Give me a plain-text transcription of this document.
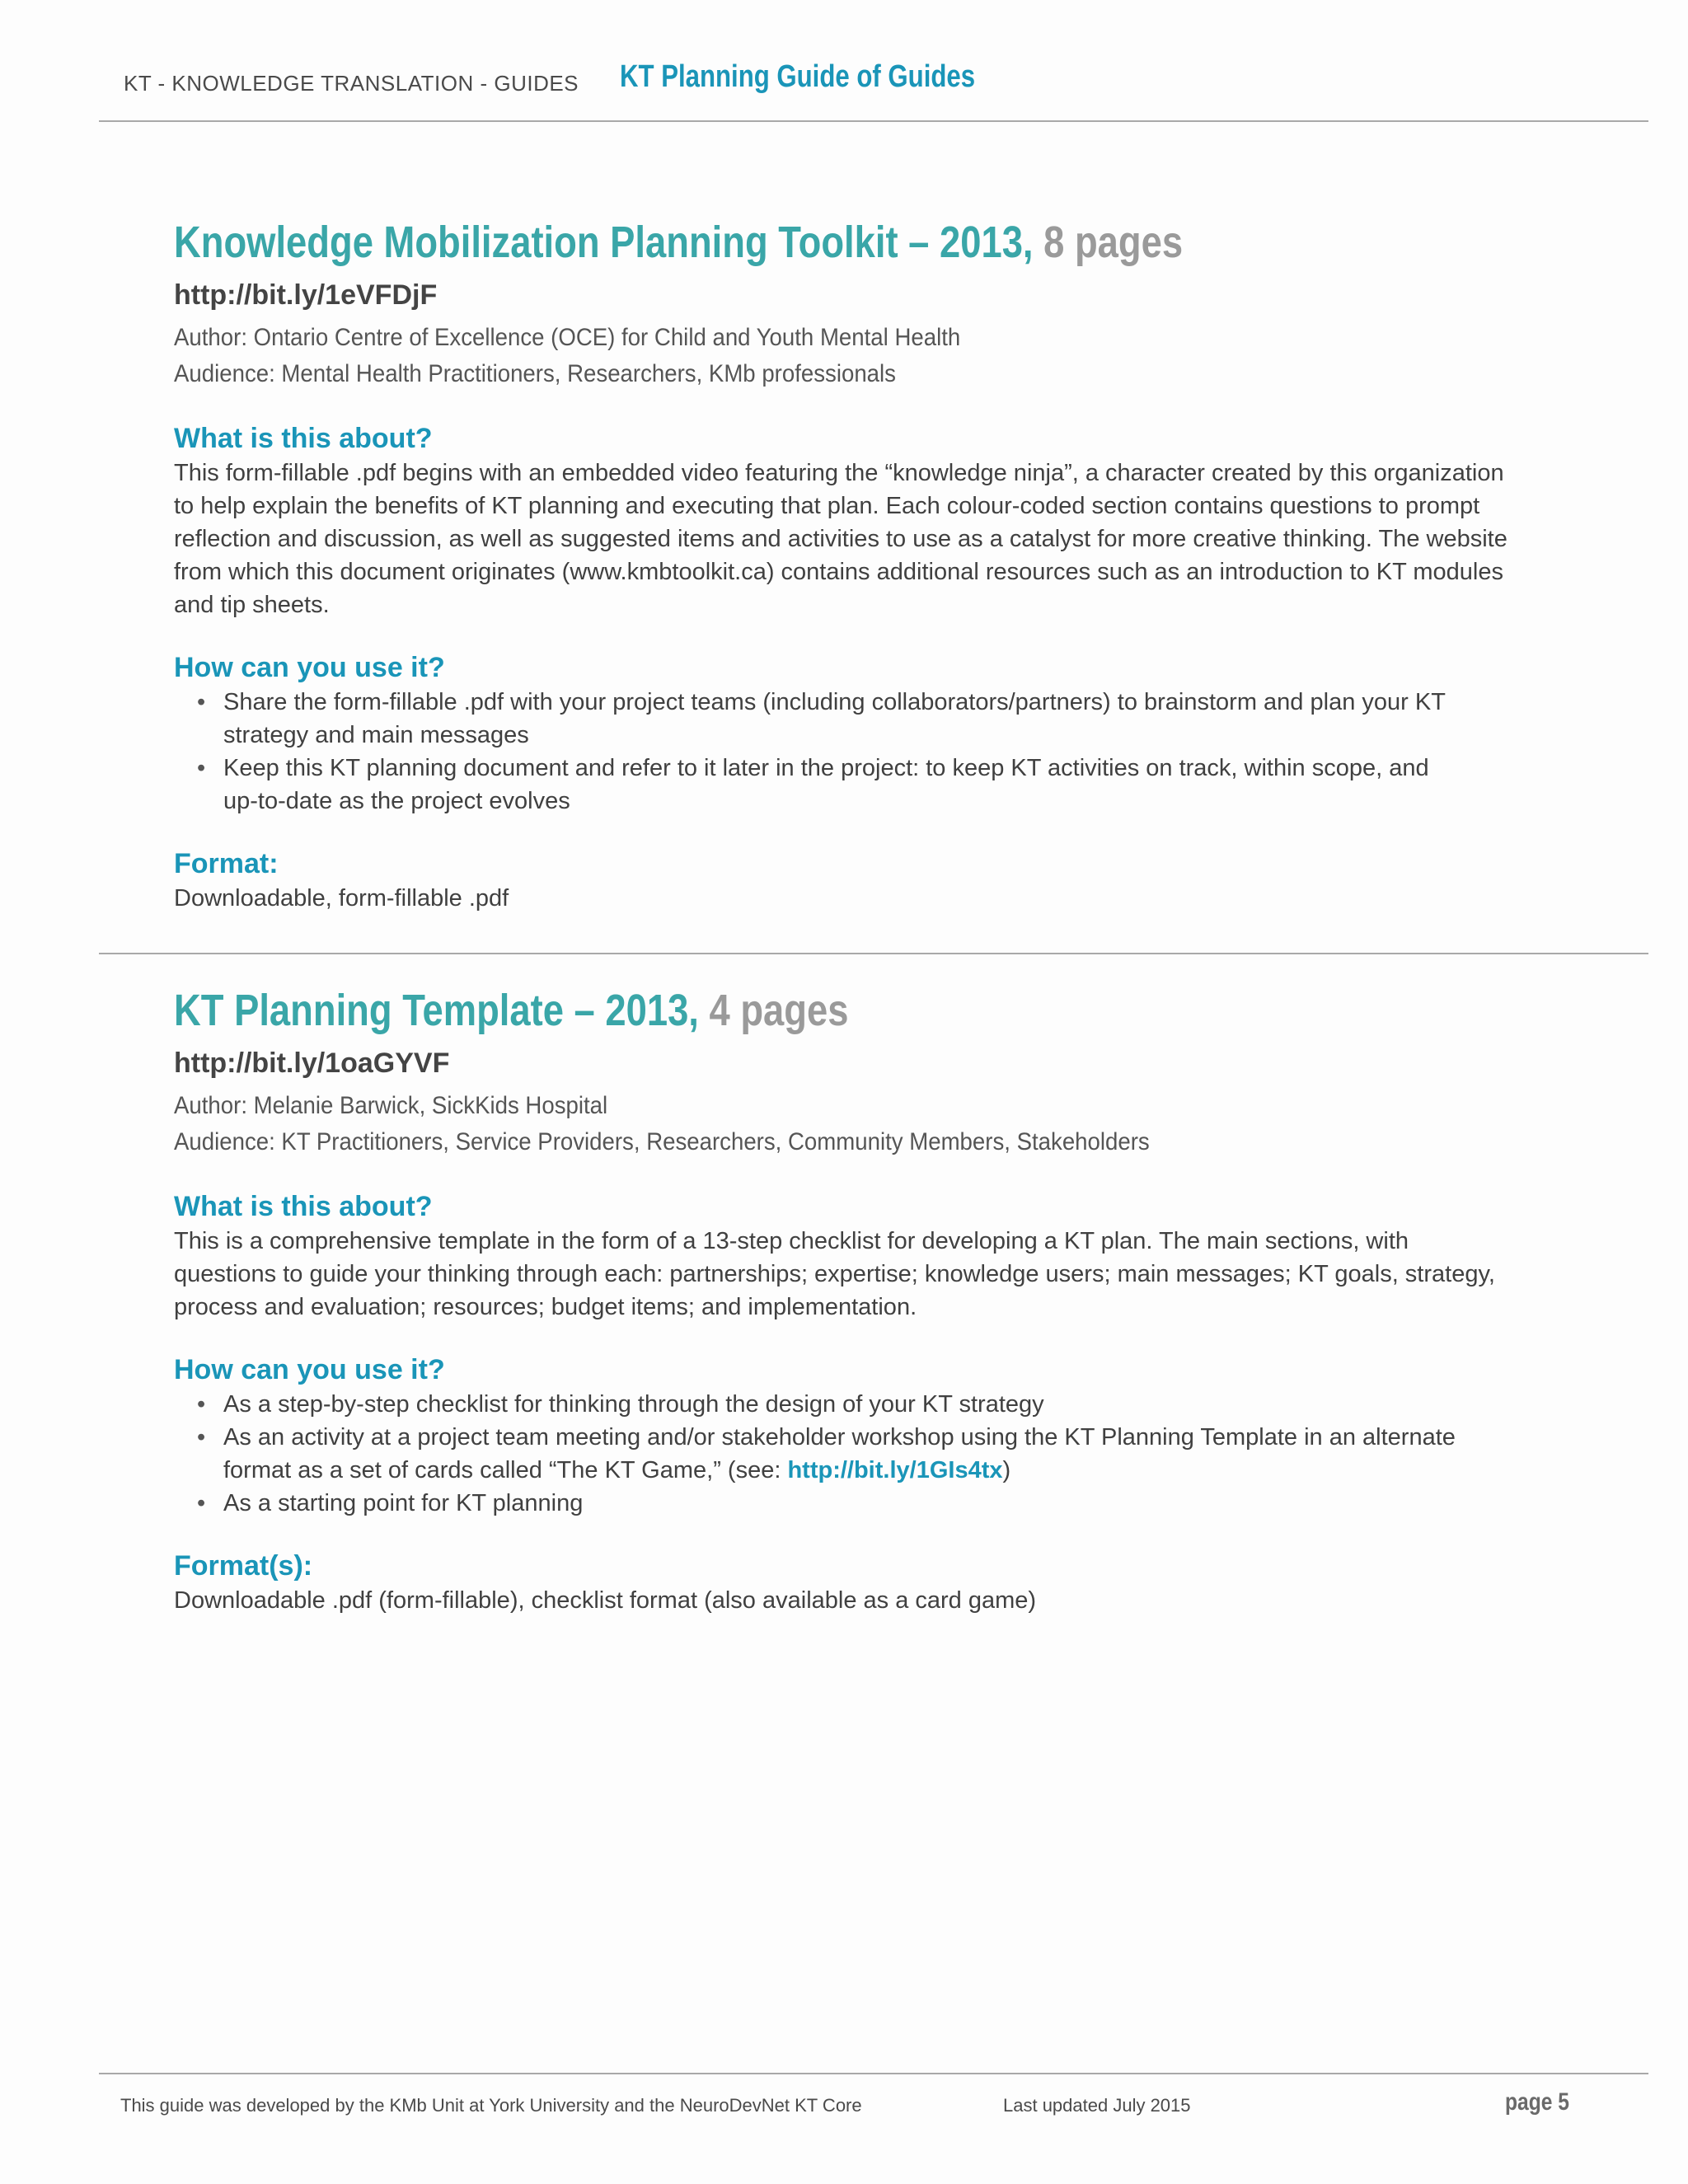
KT - KNOWLEDGE TRANSLATION - GUIDES KT Planning Guide of Guides
Knowledge Mobilization Planning Toolkit – 2013, 8 pages
http://bit.ly/1eVFDjF
Author: Ontario Centre of Excellence (OCE) for Child and Youth Mental Health
Audience: Mental Health Practitioners, Researchers, KMb professionals
What is this about?
This form-fillable .pdf begins with an embedded video featuring the “knowledge ninja”, a character created by this organization
to help explain the benefits of KT planning and executing that plan. Each colour-coded section contains questions to prompt
reflection and discussion, as well as suggested items and activities to use as a catalyst for more creative thinking. The website
from which this document originates (www.kmbtoolkit.ca) contains additional resources such as an introduction to KT modules
and tip sheets.
How can you use it?
• Share the form-fillable .pdf with your project teams (including collaborators/partners) to brainstorm and plan your KT
strategy and main messages
• Keep this KT planning document and refer to it later in the project: to keep KT activities on track, within scope, and
up-to-date as the project evolves
Format:
Downloadable, form-fillable .pdf
KT Planning Template – 2013, 4 pages
http://bit.ly/1oaGYVF
Author: Melanie Barwick, SickKids Hospital
Audience: KT Practitioners, Service Providers, Researchers, Community Members, Stakeholders
What is this about?
This is a comprehensive template in the form of a 13-step checklist for developing a KT plan. The main sections, with
questions to guide your thinking through each: partnerships; expertise; knowledge users; main messages; KT goals, strategy,
process and evaluation; resources; budget items; and implementation.
How can you use it?
• As a step-by-step checklist for thinking through the design of your KT strategy
• As an activity at a project team meeting and/or stakeholder workshop using the KT Planning Template in an alternate
format as a set of cards called “The KT Game,” (see: http://bit.ly/1GIs4tx)
• As a starting point for KT planning
Format(s):
Downloadable .pdf (form-fillable), checklist format (also available as a card game)
This guide was developed by the KMb Unit at York University and the NeuroDevNet KT Core	Last updated July 2015	page 5
